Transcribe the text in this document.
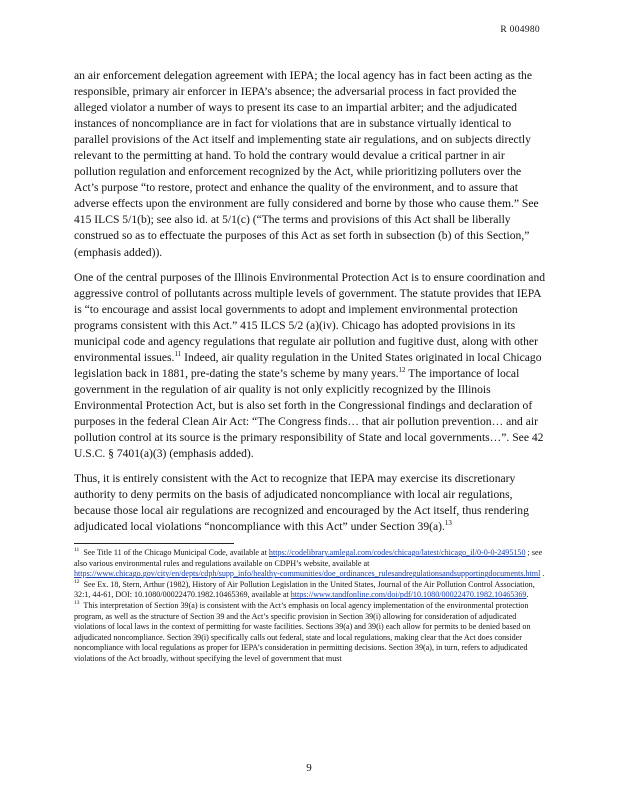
R 004980

an air enforcement delegation agreement with IEPA; the local agency has in fact been acting as the responsible, primary air enforcer in IEPA’s absence; the adversarial process in fact provided the alleged violator a number of ways to present its case to an impartial arbiter; and the adjudicated instances of noncompliance are in fact for violations that are in substance virtually identical to parallel provisions of the Act itself and implementing state air regulations, and on subjects directly relevant to the permitting at hand. To hold the contrary would devalue a critical partner in air pollution regulation and enforcement recognized by the Act, while prioritizing polluters over the Act’s purpose “to restore, protect and enhance the quality of the environment, and to assure that adverse effects upon the environment are fully considered and borne by those who cause them.” See 415 ILCS 5/1(b); see also id. at 5/1(c) (“The terms and provisions of this Act shall be liberally construed so as to effectuate the purposes of this Act as set forth in subsection (b) of this Section,” (emphasis added)).

One of the central purposes of the Illinois Environmental Protection Act is to ensure coordination and aggressive control of pollutants across multiple levels of government. The statute provides that IEPA is “to encourage and assist local governments to adopt and implement environmental protection programs consistent with this Act.” 415 ILCS 5/2 (a)(iv). Chicago has adopted provisions in its municipal code and agency regulations that regulate air pollution and fugitive dust, along with other environmental issues.$^{11}$ Indeed, air quality regulation in the United States originated in local Chicago legislation back in 1881, pre-dating the state’s scheme by many years.$^{12}$ The importance of local government in the regulation of air quality is not only explicitly recognized by the Illinois Environmental Protection Act, but is also set forth in the Congressional findings and declaration of purposes in the federal Clean Air Act: “The Congress finds… that air pollution prevention… and air pollution control at its source is the primary responsibility of State and local governments…”. See 42 U.S.C. § 7401(a)(3) (emphasis added).

Thus, it is entirely consistent with the Act to recognize that IEPA may exercise its discretionary authority to deny permits on the basis of adjudicated noncompliance with local air regulations, because those local air regulations are recognized and encouraged by the Act itself, thus rendering adjudicated local violations “noncompliance with this Act” under Section 39(a).$^{13}$

$^{11}$ See Title 11 of the Chicago Municipal Code, available at https://codelibrary.amlegal.com/codes/chicago/latest/chicago_il/0-0-0-2495150 ; see also various environmental rules and regulations available on CDPH’s website, available at https://www.chicago.gov/city/en/depts/cdph/supp_info/healthy-communities/doe_ordinances_rulesandregulationsandsupportingdocuments.html .

$^{12}$ See Ex. 18, Stern, Arthur (1982), History of Air Pollution Legislation in the United States, Journal of the Air Pollution Control Association, 32:1, 44-61, DOI: 10.1080/00022470.1982.10465369, available at https://www.tandfonline.com/doi/pdf/10.1080/00022470.1982.10465369.

$^{13}$ This interpretation of Section 39(a) is consistent with the Act’s emphasis on local agency implementation of the environmental protection program, as well as the structure of Section 39 and the Act’s specific provision in Section 39(i) allowing for consideration of adjudicated violations of local laws in the context of permitting for waste facilities. Sections 39(a) and 39(i) each allow for permits to be denied based on adjudicated noncompliance. Section 39(i) specifically calls out federal, state and local regulations, making clear that the Act does consider noncompliance with local regulations as proper for IEPA’s consideration in permitting decisions. Section 39(a), in turn, refers to adjudicated violations of the Act broadly, without specifying the level of government that must

9
